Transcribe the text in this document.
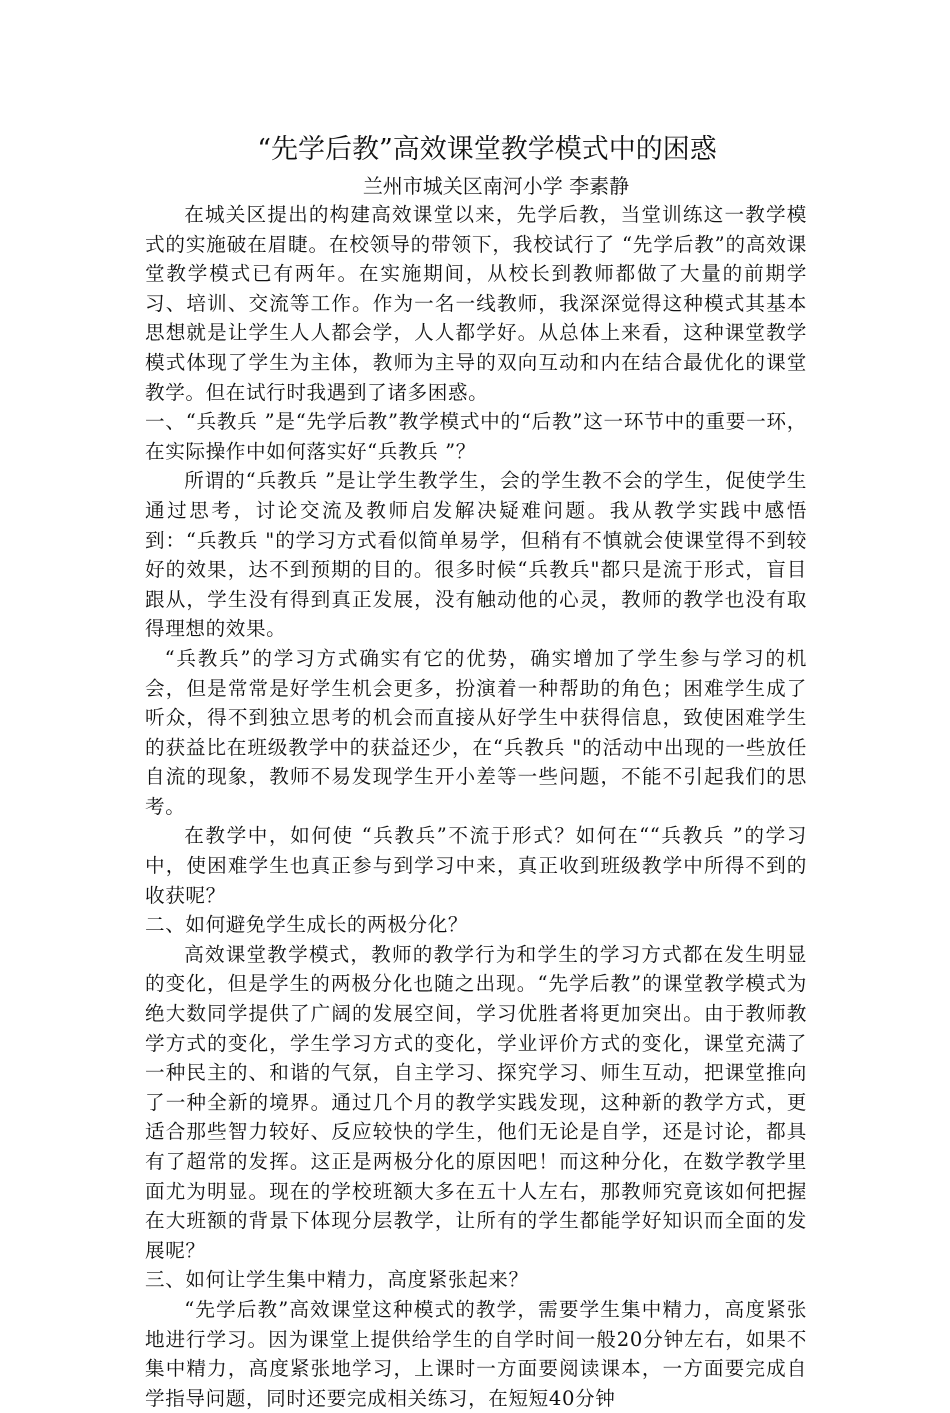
“先学后教”高效课堂教学模式中的困惑

兰州市城关区南河小学 李素静

在城关区提出的构建高效课堂以来，先学后教，当堂训练这一教学模式的实施破在眉睫。在校领导的带领下，我校试行了 “先学后教”的高效课堂教学模式已有两年。在实施期间，从校长到教师都做了大量的前期学习、培训、交流等工作。作为一名一线教师，我深深觉得这种模式其基本思想就是让学生人人都会学，人人都学好。从总体上来看，这种课堂教学模式体现了学生为主体，教师为主导的双向互动和内在结合最优化的课堂教学。但在试行时我遇到了诸多困惑。

一、“兵教兵 ”是“先学后教”教学模式中的“后教”这一环节中的重要一环，在实际操作中如何落实好“兵教兵 ”？

所谓的“兵教兵 ”是让学生教学生，会的学生教不会的学生，促使学生通过思考，讨论交流及教师启发解决疑难问题。我从教学实践中感悟到：“兵教兵 "的学习方式看似简单易学，但稍有不慎就会使课堂得不到较好的效果，达不到预期的目的。很多时候“兵教兵"都只是流于形式，盲目跟从，学生没有得到真正发展，没有触动他的心灵，教师的教学也没有取得理想的效果。

“兵教兵”的学习方式确实有它的优势，确实增加了学生参与学习的机会，但是常常是好学生机会更多，扮演着一种帮助的角色；困难学生成了听众，得不到独立思考的机会而直接从好学生中获得信息，致使困难学生的获益比在班级教学中的获益还少，在“兵教兵 "的活动中出现的一些放任自流的现象，教师不易发现学生开小差等一些问题，不能不引起我们的思考。

在教学中，如何使 “兵教兵”不流于形式？如何在““兵教兵 ”的学习中，使困难学生也真正参与到学习中来，真正收到班级教学中所得不到的收获呢？

二、如何避免学生成长的两极分化？

高效课堂教学模式，教师的教学行为和学生的学习方式都在发生明显的变化，但是学生的两极分化也随之出现。“先学后教”的课堂教学模式为绝大数同学提供了广阔的发展空间，学习优胜者将更加突出。由于教师教学方式的变化，学生学习方式的变化，学业评价方式的变化，课堂充满了一种民主的、和谐的气氛，自主学习、探究学习、师生互动，把课堂推向了一种全新的境界。通过几个月的教学实践发现，这种新的教学方式，更适合那些智力较好、反应较快的学生，他们无论是自学，还是讨论，都具有了超常的发挥。这正是两极分化的原因吧！而这种分化，在数学教学里面尤为明显。现在的学校班额大多在五十人左右，那教师究竟该如何把握在大班额的背景下体现分层教学，让所有的学生都能学好知识而全面的发展呢？

三、如何让学生集中精力，高度紧张起来？

“先学后教”高效课堂这种模式的教学，需要学生集中精力，高度紧张地进行学习。因为课堂上提供给学生的自学时间一般20分钟左右，如果不集中精力，高度紧张地学习，上课时一方面要阅读课本，一方面要完成自学指导问题，同时还要完成相关练习，在短短40分钟
